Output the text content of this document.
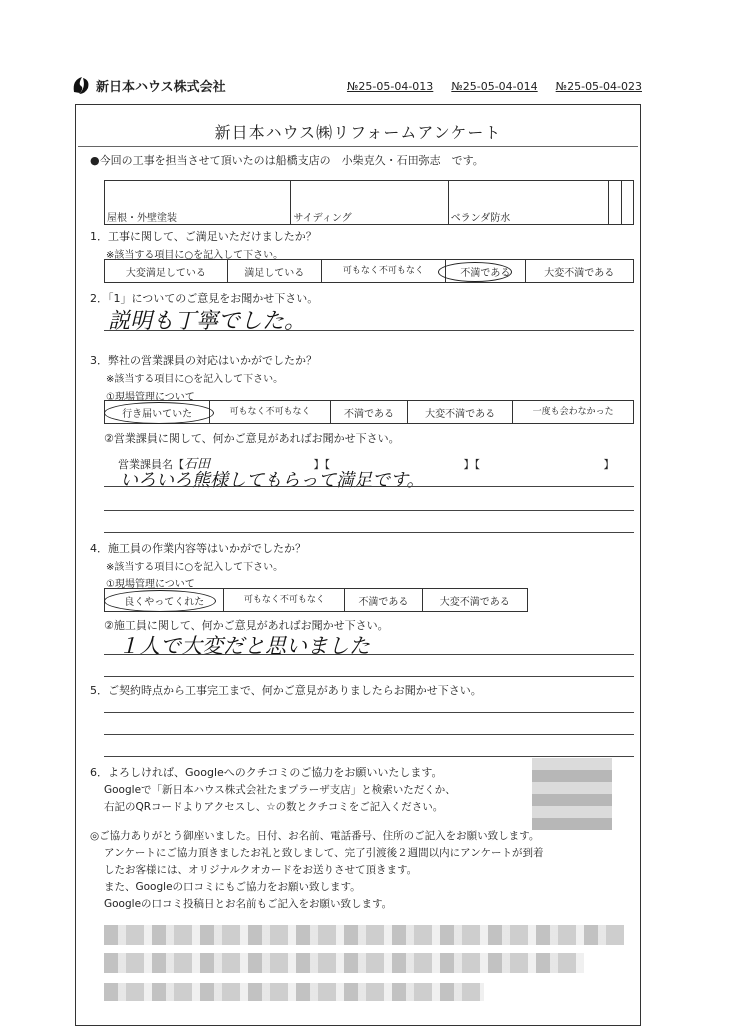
新日本ハウス株式会社	№25-05-04-013 №25-05-04-014 №25-05-04-023
新日本ハウス㈱リフォームアンケート
●今回の工事を担当させて頂いたのは船橋支店の　小柴克久・石田弥志　です。
屋根・外壁塗装	サイディング	ベランダ防水		
1．工事に関して、ご満足いただけましたか？
※該当する項目に○を記入して下さい。
大変満足している	満足している	可もなく不可もなく	不満である	大変不満である
2．「1」についてのご意見をお聞かせ下さい。
説明も丁寧でした。
3．弊社の営業課員の対応はいかがでしたか？
※該当する項目に○を記入して下さい。
①現場管理について
行き届いていた	可もなく不可もなく	不満である	大変不満である	一度も会わなかった
②営業課員に関して、何かご意見があればお聞かせ下さい。
営業課員名【石田	】【	】【	】
いろいろ熊様してもらって満足です。
4．施工員の作業内容等はいかがでしたか？
※該当する項目に○を記入して下さい。
①現場管理について
良くやってくれた	可もなく不可もなく	不満である	大変不満である
②施工員に関して、何かご意見があればお聞かせ下さい。
１人で大変だと思いました
5．ご契約時点から工事完工まで、何かご意見がありましたらお聞かせ下さい。
6．よろしければ、Googleへのクチコミのご協力をお願いいたします。
Googleで「新日本ハウス株式会社たまプラーザ支店」と検索いただくか、
右記のQRコードよりアクセスし、☆の数とクチコミをご記入ください。
◎ご協力ありがとう御座いました。日付、お名前、電話番号、住所のご記入をお願い致します。
アンケートにご協力頂きましたお礼と致しまして、完了引渡後２週間以内にアンケートが到着
したお客様には、オリジナルクオカードをお送りさせて頂きます。
また、Googleの口コミにもご協力をお願い致します。
Googleの口コミ投稿日とお名前もご記入をお願い致します。
